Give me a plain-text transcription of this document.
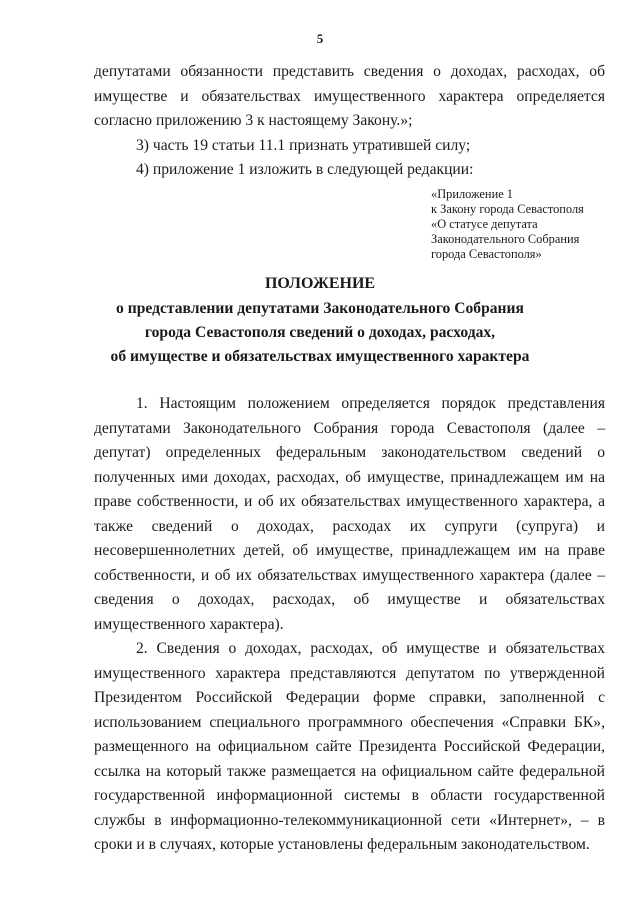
5

депутатами обязанности представить сведения о доходах, расходах, об имуществе и обязательствах имущественного характера определяется согласно приложению 3 к настоящему Закону.»;

3) часть 19 статьи 11.1 признать утратившей силу;

4) приложение 1 изложить в следующей редакции:

«Приложение 1
к Закону города Севастополя
«О статусе депутата
Законодательного Собрания
города Севастополя»
ПОЛОЖЕНИЕ
о представлении депутатами Законодательного Собрания
города Севастополя сведений о доходах, расходах,
об имуществе и обязательствах имущественного характера

1. Настоящим положением определяется порядок представления депутатами Законодательного Собрания города Севастополя (далее – депутат) определенных федеральным законодательством сведений о полученных ими доходах, расходах, об имуществе, принадлежащем им на праве собственности, и об их обязательствах имущественного характера, а также сведений о доходах, расходах их супруги (супруга) и несовершеннолетних детей, об имуществе, принадлежащем им на праве собственности, и об их обязательствах имущественного характера (далее – сведения о доходах, расходах, об имуществе и обязательствах имущественного характера).

2. Сведения о доходах, расходах, об имуществе и обязательствах имущественного характера представляются депутатом по утвержденной Президентом Российской Федерации форме справки, заполненной с использованием специального программного обеспечения «Справки БК», размещенного на официальном сайте Президента Российской Федерации, ссылка на который также размещается на официальном сайте федеральной государственной информационной системы в области государственной службы в информационно-телекоммуникационной сети «Интернет», – в сроки и в случаях, которые установлены федеральным законодательством.
